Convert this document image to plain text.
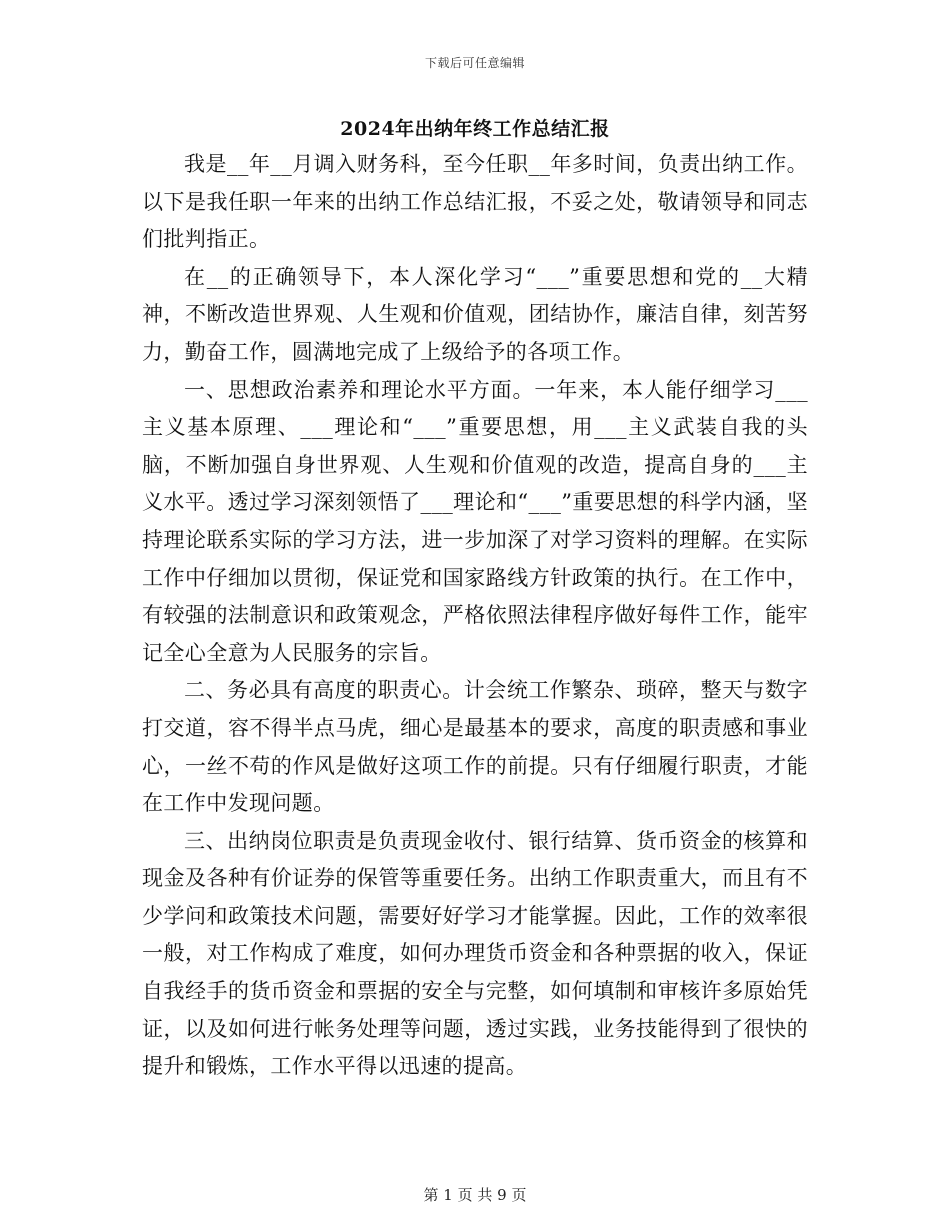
下载后可任意编辑
2024年出纳年终工作总结汇报

我是__年__月调入财务科，至今任职__年多时间，负责出纳工作。以下是我任职一年来的出纳工作总结汇报，不妥之处，敬请领导和同志们批判指正。

在__的正确领导下，本人深化学习“___”重要思想和党的__大精神，不断改造世界观、人生观和价值观，团结协作，廉洁自律，刻苦努力，勤奋工作，圆满地完成了上级给予的各项工作。

一、思想政治素养和理论水平方面。一年来，本人能仔细学习___主义基本原理、___理论和“___”重要思想，用___主义武装自我的头脑，不断加强自身世界观、人生观和价值观的改造，提高自身的___主义水平。透过学习深刻领悟了___理论和“___”重要思想的科学内涵，坚持理论联系实际的学习方法，进一步加深了对学习资料的理解。在实际工作中仔细加以贯彻，保证党和国家路线方针政策的执行。在工作中，有较强的法制意识和政策观念，严格依照法律程序做好每件工作，能牢记全心全意为人民服务的宗旨。

二、务必具有高度的职责心。计会统工作繁杂、琐碎，整天与数字打交道，容不得半点马虎，细心是最基本的要求，高度的职责感和事业心，一丝不苟的作风是做好这项工作的前提。只有仔细履行职责，才能在工作中发现问题。

三、出纳岗位职责是负责现金收付、银行结算、货币资金的核算和现金及各种有价证券的保管等重要任务。出纳工作职责重大，而且有不少学问和政策技术问题，需要好好学习才能掌握。因此，工作的效率很一般，对工作构成了难度，如何办理货币资金和各种票据的收入，保证自我经手的货币资金和票据的安全与完整，如何填制和审核许多原始凭证，以及如何进行帐务处理等问题，透过实践，业务技能得到了很快的提升和锻炼，工作水平得以迅速的提高。

第 1 页 共 9 页
